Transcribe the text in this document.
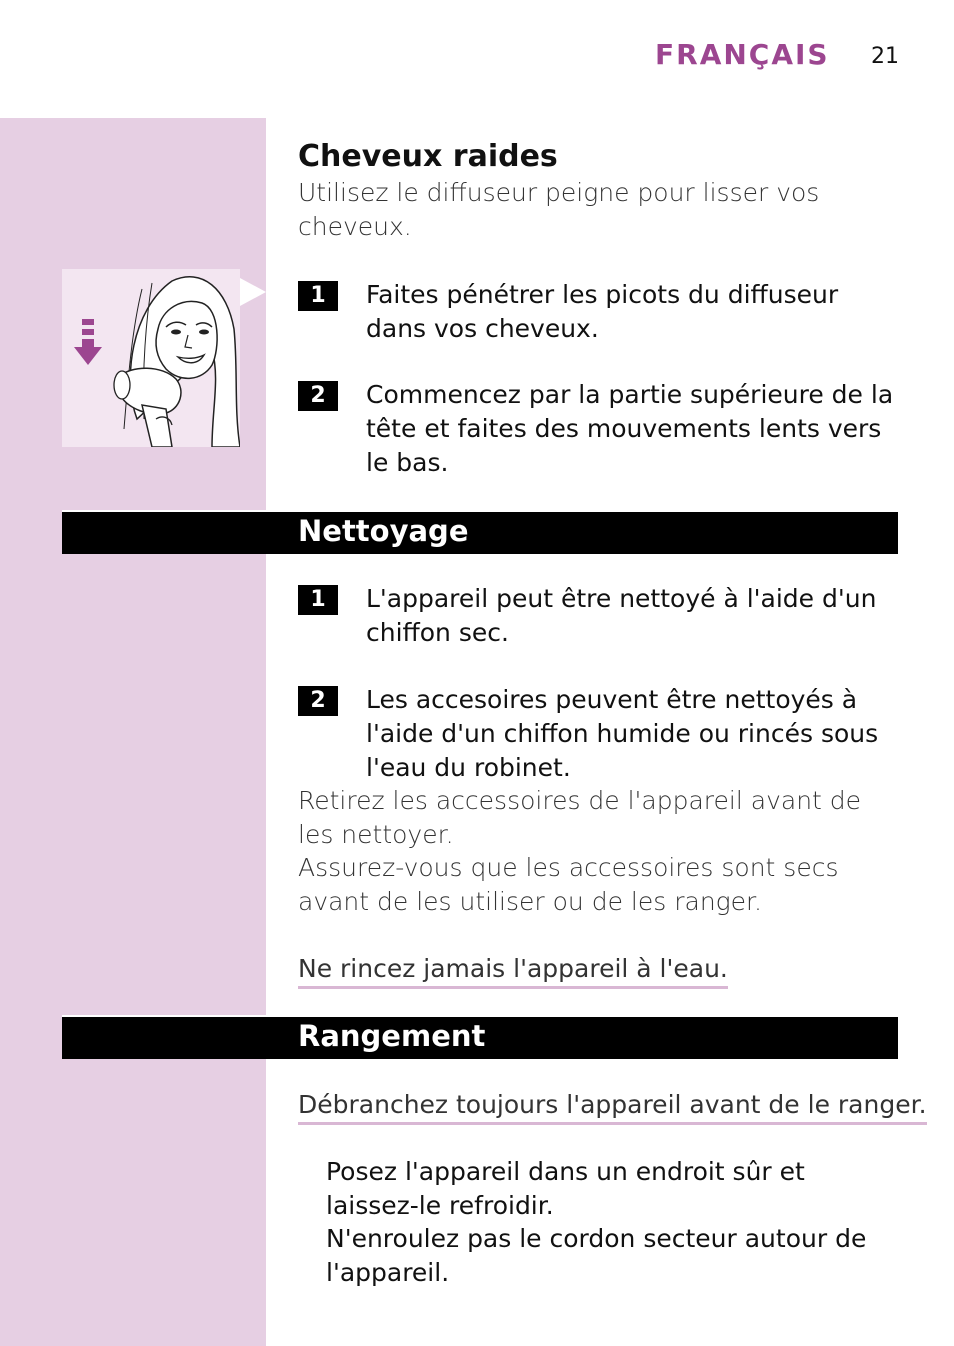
FRANÇAIS 21
Cheveux raides
Utilisez le diffuseur peigne pour lisser vos cheveux.
1	Faites pénétrer les picots du diffuseur dans vos cheveux.
2	Commencez par la partie supérieure de la tête et faites des mouvements lents vers le bas.
Nettoyage
1	L'appareil peut être nettoyé à l'aide d'un chiffon sec.
2	Les accesoires peuvent être nettoyés à l'aide d'un chiffon humide ou rincés sous l'eau du robinet.
Retirez les accessoires de l'appareil avant de les nettoyer.
Assurez-vous que les accessoires sont secs avant de les utiliser ou de les ranger.
Ne rincez jamais l'appareil à l'eau.
Rangement
Débranchez toujours l'appareil avant de le ranger.
Posez l'appareil dans un endroit sûr et laissez-le refroidir.
N'enroulez pas le cordon secteur autour de l'appareil.
